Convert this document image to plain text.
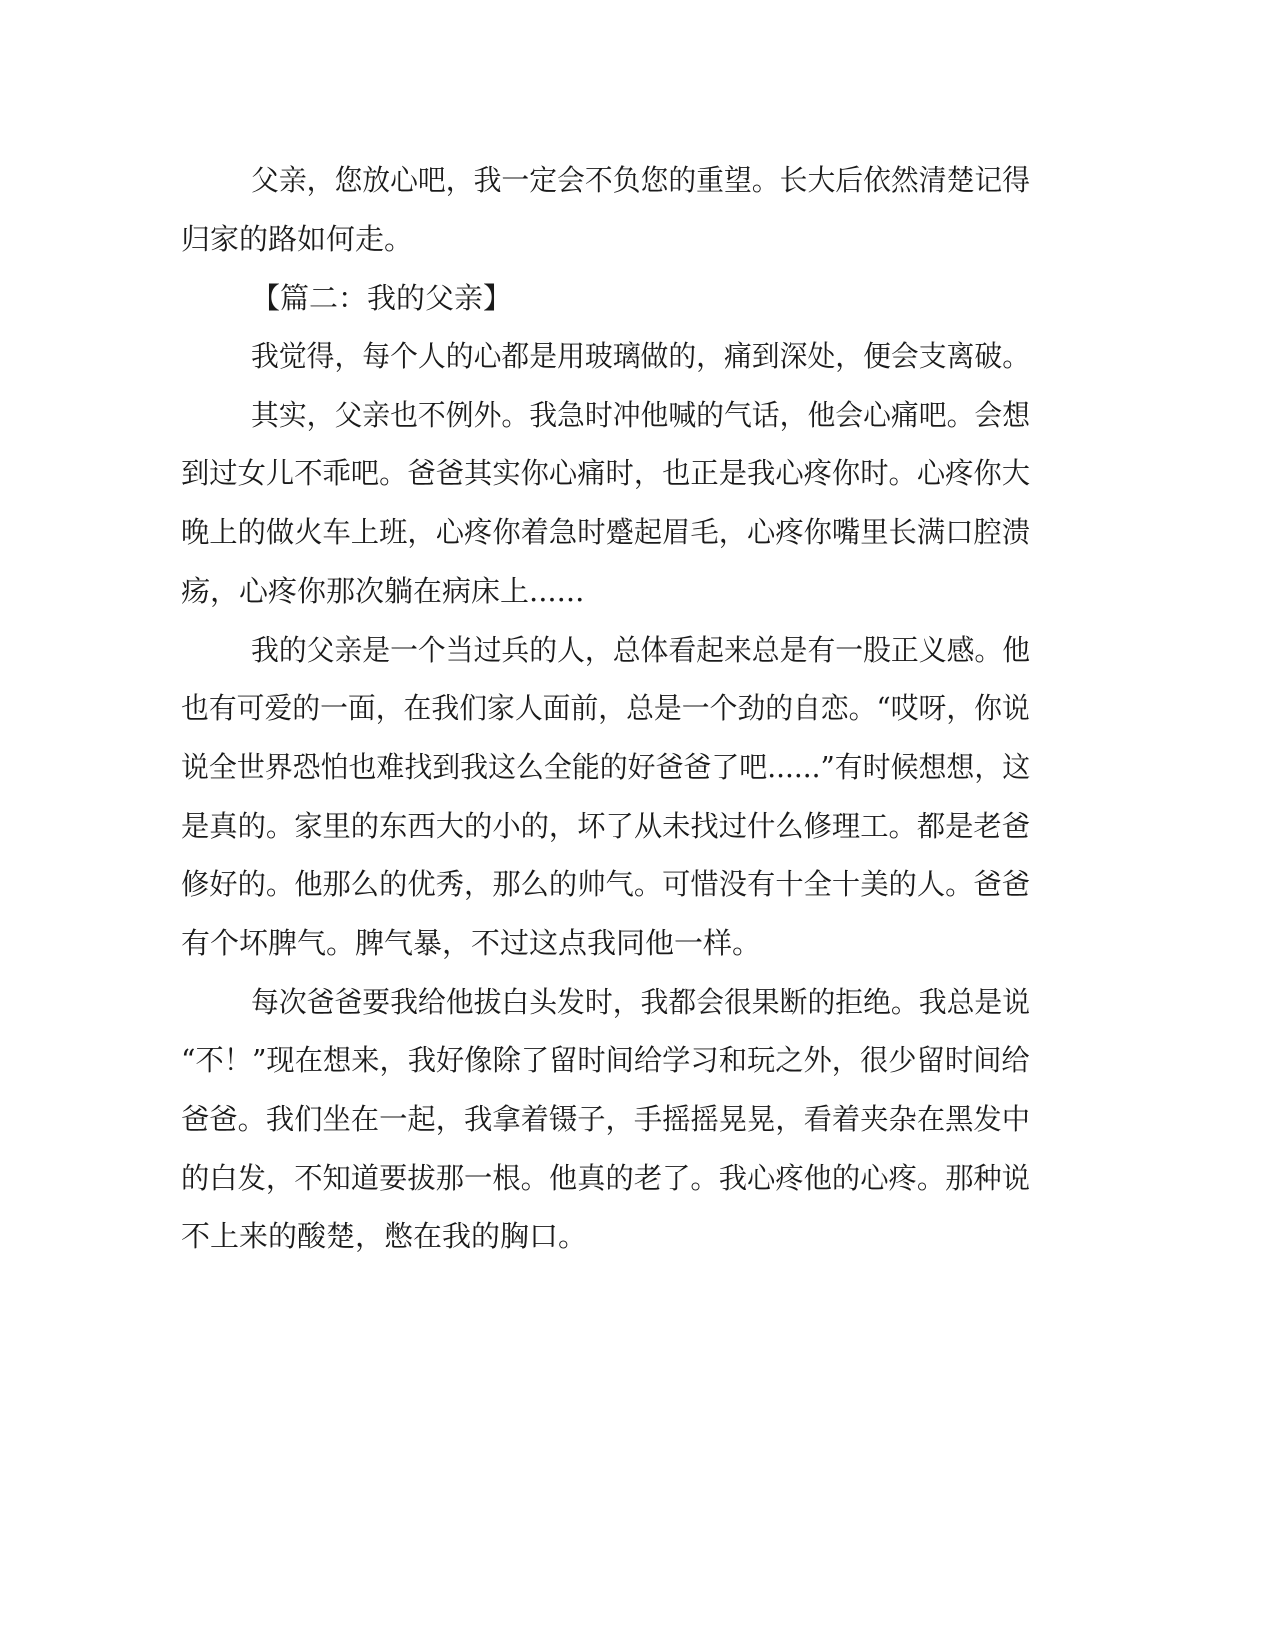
父亲，您放心吧，我一定会不负您的重望。长大后依然清楚记得
归家的路如何走。
【篇二：我的父亲】
我觉得，每个人的心都是用玻璃做的，痛到深处，便会支离破。
其实，父亲也不例外。我急时冲他喊的气话，他会心痛吧。会想
到过女儿不乖吧。爸爸其实你心痛时，也正是我心疼你时。心疼你大
晚上的做火车上班，心疼你着急时蹙起眉毛，心疼你嘴里长满口腔溃
疡，心疼你那次躺在病床上......
我的父亲是一个当过兵的人，总体看起来总是有一股正义感。他
也有可爱的一面，在我们家人面前，总是一个劲的自恋。“哎呀，你说
说全世界恐怕也难找到我这么全能的好爸爸了吧......”有时候想想，这
是真的。家里的东西大的小的，坏了从未找过什么修理工。都是老爸
修好的。他那么的优秀，那么的帅气。可惜没有十全十美的人。爸爸
有个坏脾气。脾气暴，不过这点我同他一样。
每次爸爸要我给他拔白头发时，我都会很果断的拒绝。我总是说
“不！”现在想来，我好像除了留时间给学习和玩之外，很少留时间给
爸爸。我们坐在一起，我拿着镊子，手摇摇晃晃，看着夹杂在黑发中
的白发，不知道要拔那一根。他真的老了。我心疼他的心疼。那种说
不上来的酸楚，憋在我的胸口。
